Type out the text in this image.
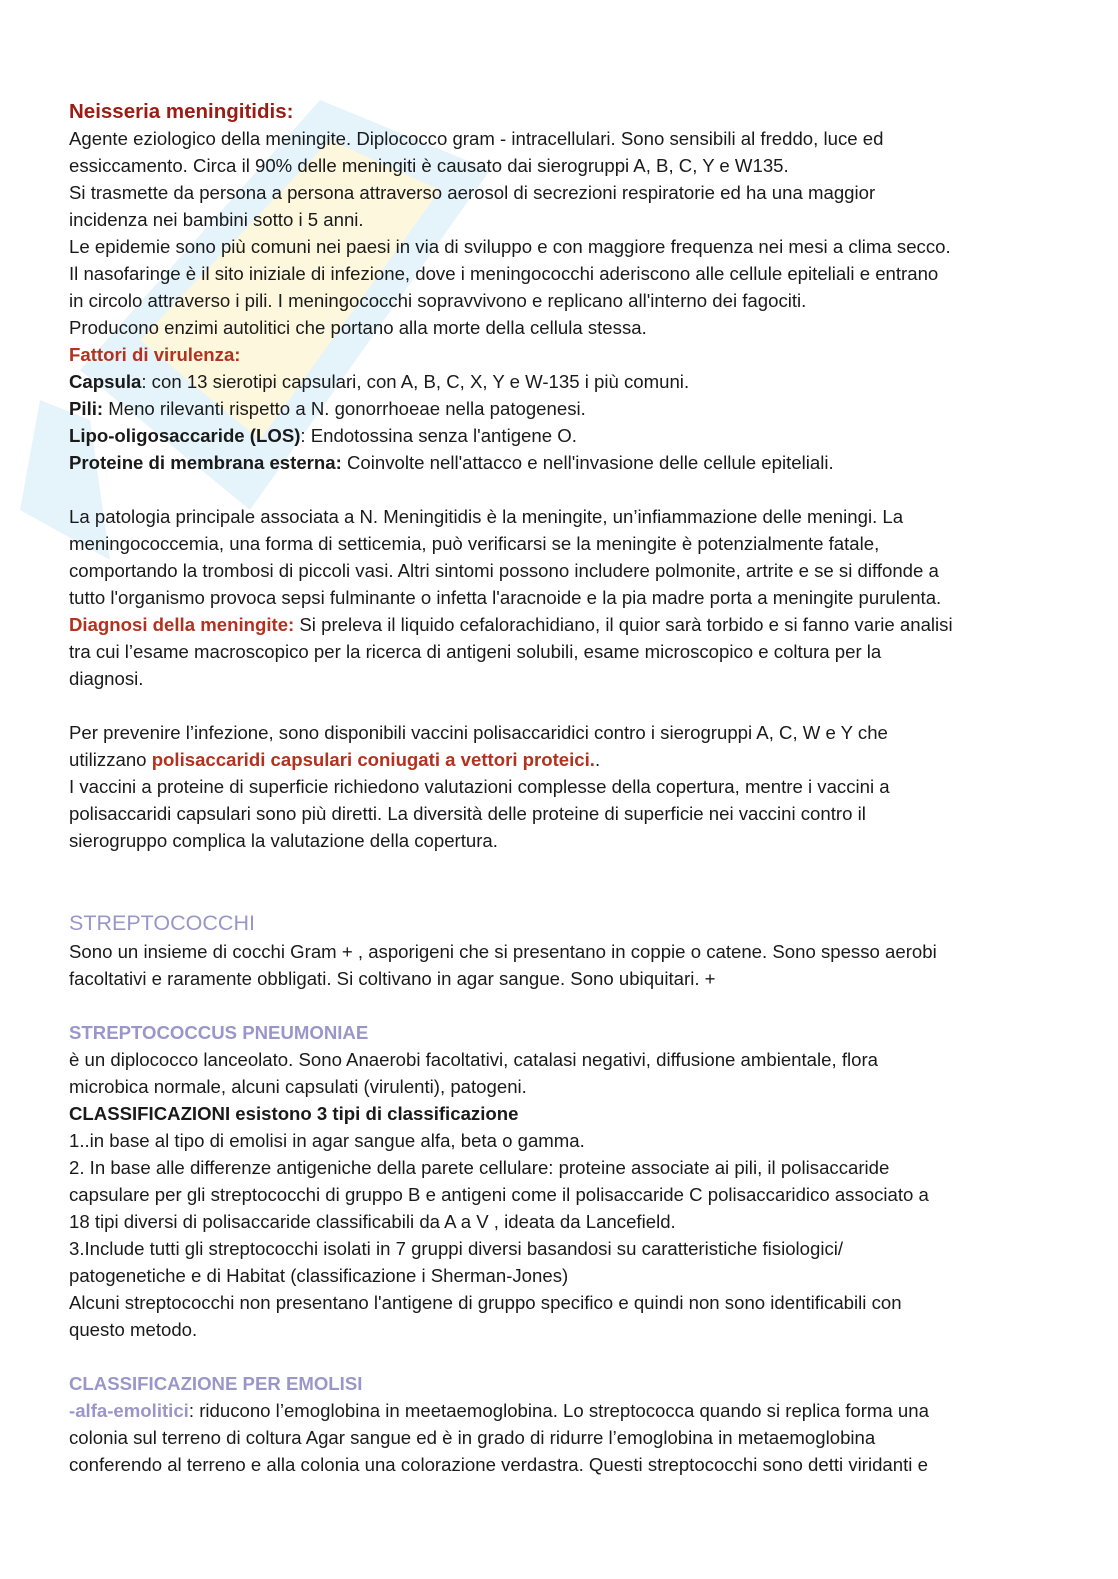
Neisseria meningitidis:

Agente eziologico della meningite. Diplococco gram - intracellulari. Sono sensibili al freddo, luce ed

essiccamento. Circa il 90% delle meningiti è causato dai sierogruppi A, B, C, Y e W135.

Si trasmette da persona a persona attraverso aerosol di secrezioni respiratorie ed ha una maggior

incidenza nei bambini sotto i 5 anni.

Le epidemie sono più comuni nei paesi in via di sviluppo e con maggiore frequenza nei mesi a clima secco.

Il nasofaringe è il sito iniziale di infezione, dove i meningococchi aderiscono alle cellule epiteliali e entrano

in circolo attraverso i pili. I meningococchi sopravvivono e replicano all'interno dei fagociti.

Producono enzimi autolitici che portano alla morte della cellula stessa.

Fattori di virulenza:

Capsula: con 13 sierotipi capsulari, con A, B, C, X, Y e W-135 i più comuni.

Pili: Meno rilevanti rispetto a N. gonorrhoeae nella patogenesi.

Lipo-oligosaccaride (LOS): Endotossina senza l'antigene O.

Proteine di membrana esterna: Coinvolte nell'attacco e nell'invasione delle cellule epiteliali.

La patologia principale associata a N. Meningitidis è la meningite, un’infiammazione delle meningi. La

meningococcemia, una forma di setticemia, può verificarsi se la meningite è potenzialmente fatale,

comportando la trombosi di piccoli vasi. Altri sintomi possono includere polmonite, artrite e se si diffonde a

tutto l'organismo provoca sepsi fulminante o infetta l'aracnoide e la pia madre porta a meningite purulenta.

Diagnosi della meningite: Si preleva il liquido cefalorachidiano, il quior sarà torbido e si fanno varie analisi

tra cui l’esame macroscopico per la ricerca di antigeni solubili, esame microscopico e coltura per la

diagnosi.

Per prevenire l’infezione, sono disponibili vaccini polisaccaridici contro i sierogruppi A, C, W e Y che

utilizzano polisaccaridi capsulari coniugati a vettori proteici..

I vaccini a proteine di superficie richiedono valutazioni complesse della copertura, mentre i vaccini a

polisaccaridi capsulari sono più diretti. La diversità delle proteine di superficie nei vaccini contro il

sierogruppo complica la valutazione della copertura.

STREPTOCOCCHI

Sono un insieme di cocchi Gram + , asporigeni che si presentano in coppie o catene. Sono spesso aerobi

facoltativi e raramente obbligati. Si coltivano in agar sangue. Sono ubiquitari. +

STREPTOCOCCUS PNEUMONIAE

è un diplococco lanceolato. Sono Anaerobi facoltativi, catalasi negativi, diffusione ambientale, flora

microbica normale, alcuni capsulati (virulenti), patogeni.

CLASSIFICAZIONI esistono 3 tipi di classificazione

1..in base al tipo di emolisi in agar sangue alfa, beta o gamma.

2. In base alle differenze antigeniche della parete cellulare: proteine associate ai pili, il polisaccaride

capsulare per gli streptococchi di gruppo B e antigeni come il polisaccaride C polisaccaridico associato a

18 tipi diversi di polisaccaride classificabili da A a V , ideata da Lancefield.

3.Include tutti gli streptococchi isolati in 7 gruppi diversi basandosi su caratteristiche fisiologici/

patogenetiche e di Habitat (classificazione i Sherman-Jones)

Alcuni streptococchi non presentano l'antigene di gruppo specifico e quindi non sono identificabili con

questo metodo.

CLASSIFICAZIONE PER EMOLISI

-alfa-emolitici: riducono l’emoglobina in meetaemoglobina. Lo streptococca quando si replica forma una

colonia sul terreno di coltura Agar sangue ed è in grado di ridurre l’emoglobina in metaemoglobina

conferendo al terreno e alla colonia una colorazione verdastra. Questi streptococchi sono detti viridanti e
